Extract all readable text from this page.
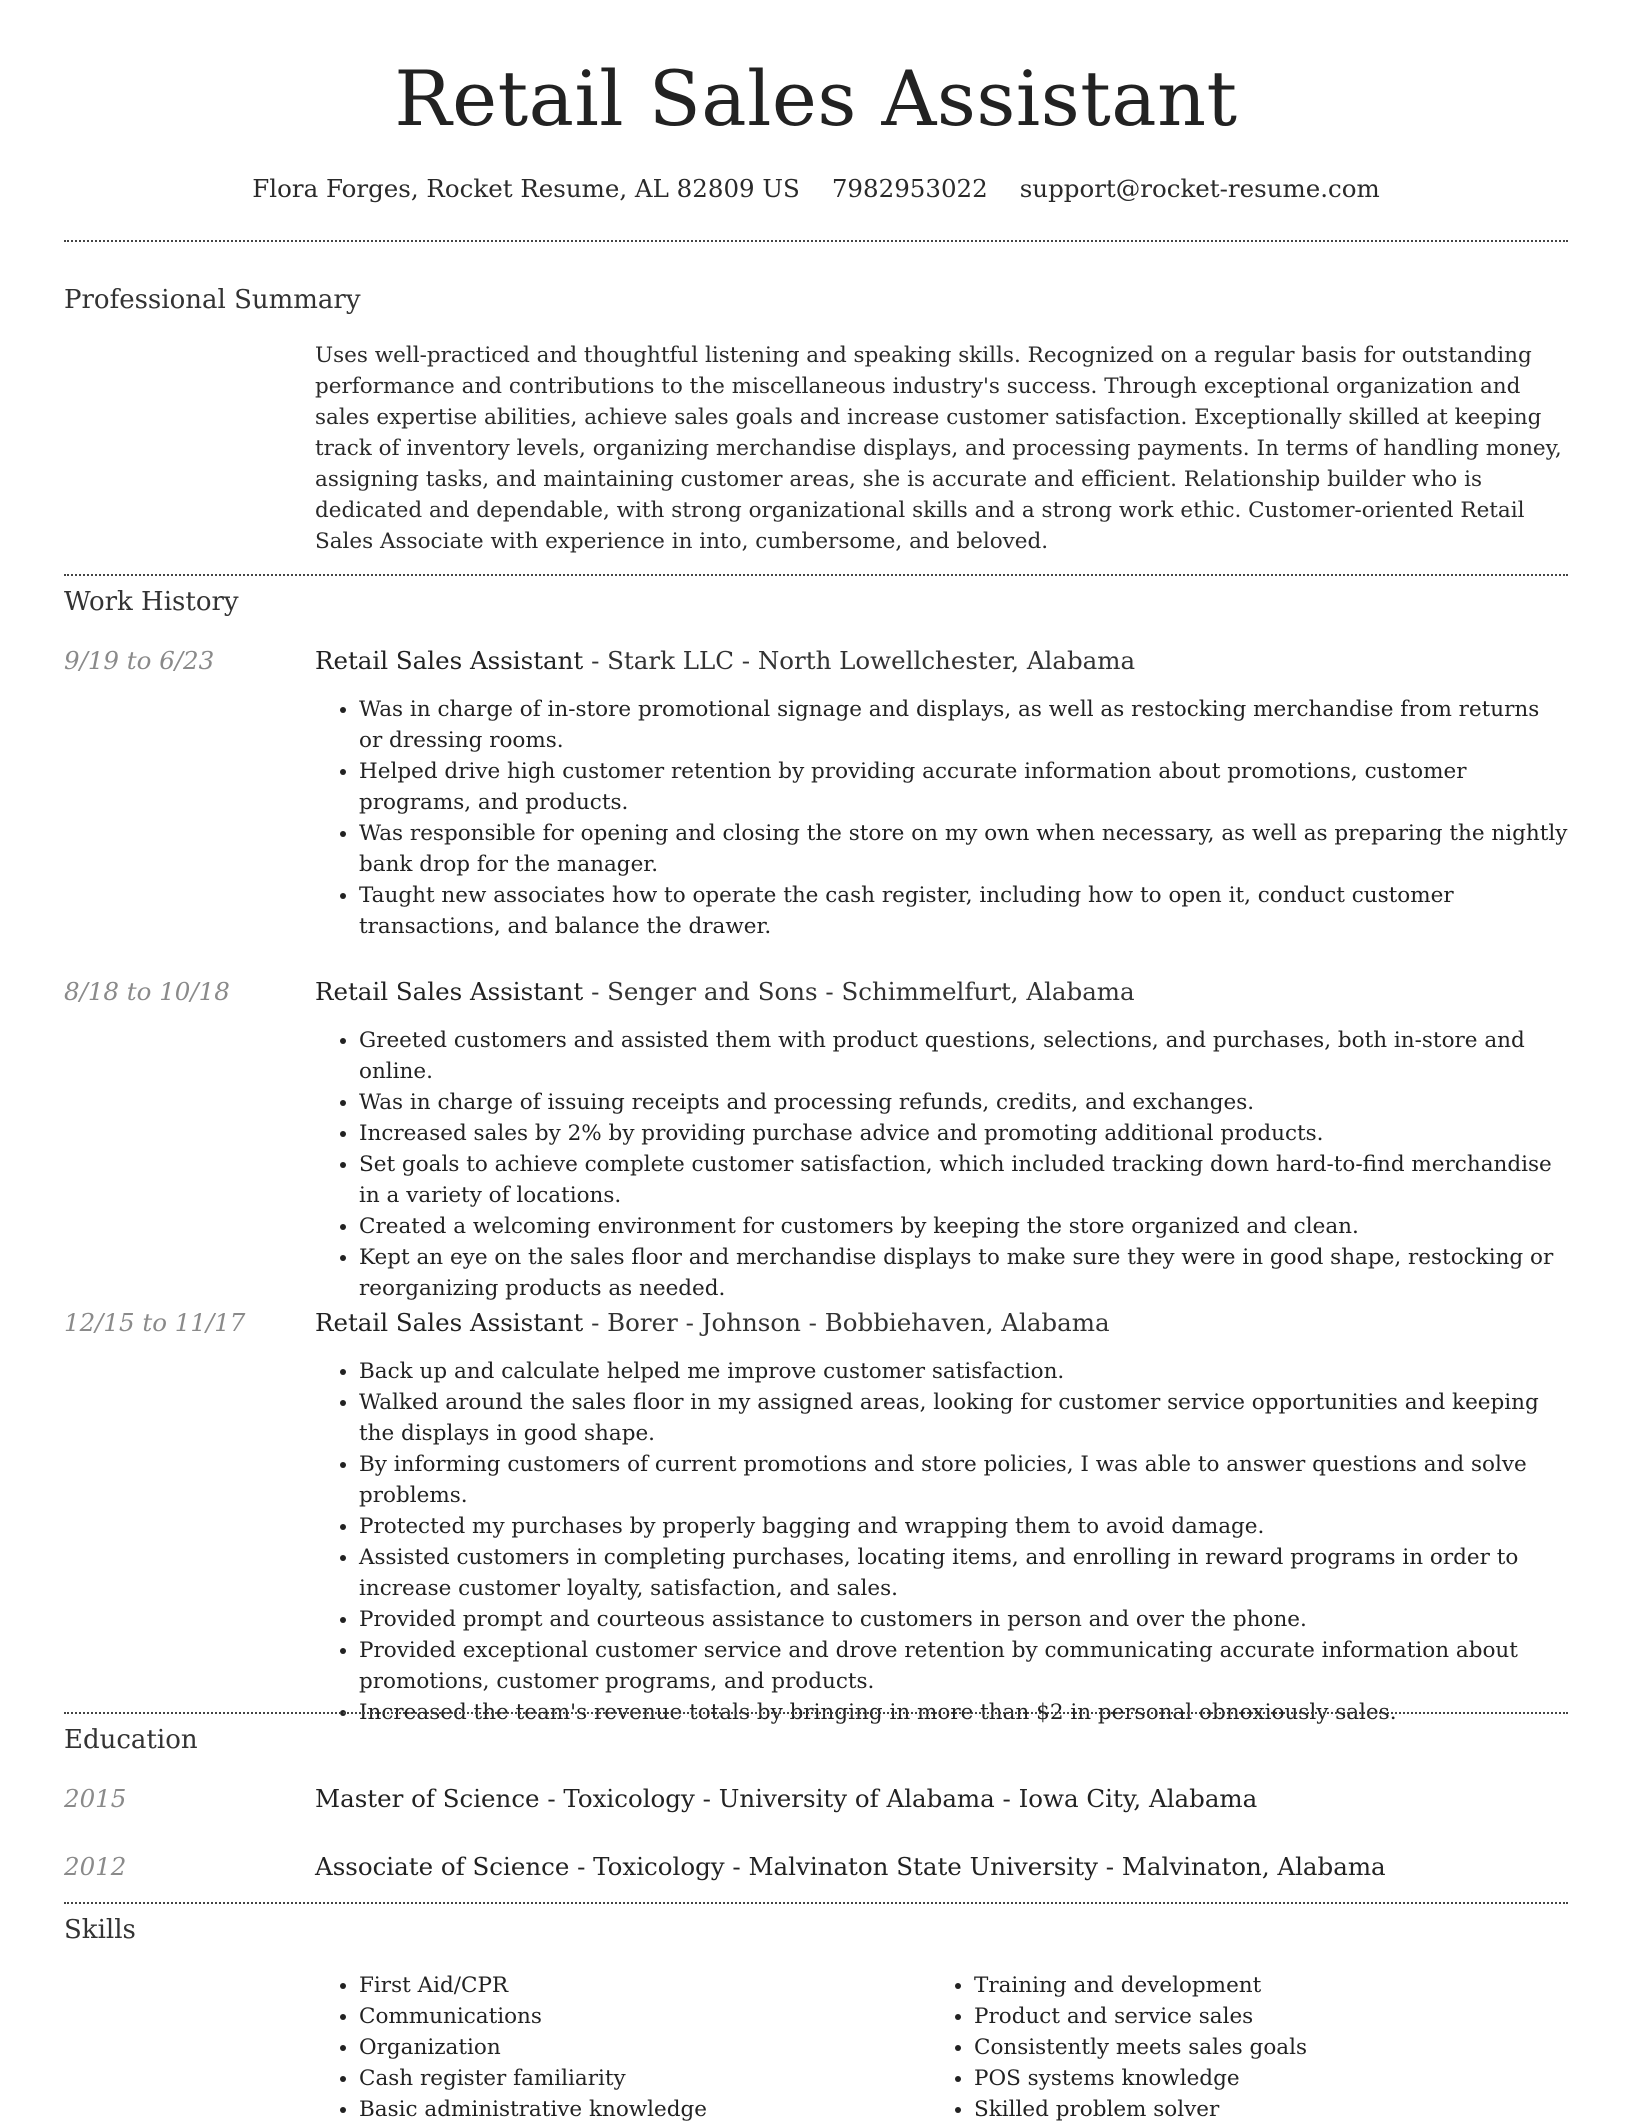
Retail Sales Assistant
Flora Forges, Rocket Resume, AL 82809 US 7982953022 support@rocket-resume.com
Professional Summary

Uses well-practiced and thoughtful listening and speaking skills. Recognized on a regular basis for outstanding performance and contributions to the miscellaneous industry's success. Through exceptional organization and sales expertise abilities, achieve sales goals and increase customer satisfaction. Exceptionally skilled at keeping track of inventory levels, organizing merchandise displays, and processing payments. In terms of handling money, assigning tasks, and maintaining customer areas, she is accurate and efficient. Relationship builder who is dedicated and dependable, with strong organizational skills and a strong work ethic. Customer-oriented Retail Sales Associate with experience in into, cumbersome, and beloved.

Work History
9/19 to 6/23	Retail Sales Assistant - Stark LLC - North Lowellchester, Alabama
• Was in charge of in-store promotional signage and displays, as well as restocking merchandise from returns or dressing rooms.
• Helped drive high customer retention by providing accurate information about promotions, customer programs, and products.
• Was responsible for opening and closing the store on my own when necessary, as well as preparing the nightly bank drop for the manager.
• Taught new associates how to operate the cash register, including how to open it, conduct customer transactions, and balance the drawer.
8/18 to 10/18	Retail Sales Assistant - Senger and Sons - Schimmelfurt, Alabama
• Greeted customers and assisted them with product questions, selections, and purchases, both in-store and online.
• Was in charge of issuing receipts and processing refunds, credits, and exchanges.
• Increased sales by 2% by providing purchase advice and promoting additional products.
• Set goals to achieve complete customer satisfaction, which included tracking down hard-to-find merchandise in a variety of locations.
• Created a welcoming environment for customers by keeping the store organized and clean.
• Kept an eye on the sales floor and merchandise displays to make sure they were in good shape, restocking or reorganizing products as needed.
12/15 to 11/17	Retail Sales Assistant - Borer - Johnson - Bobbiehaven, Alabama
• Back up and calculate helped me improve customer satisfaction.
• Walked around the sales floor in my assigned areas, looking for customer service opportunities and keeping the displays in good shape.
• By informing customers of current promotions and store policies, I was able to answer questions and solve problems.
• Protected my purchases by properly bagging and wrapping them to avoid damage.
• Assisted customers in completing purchases, locating items, and enrolling in reward programs in order to increase customer loyalty, satisfaction, and sales.
• Provided prompt and courteous assistance to customers in person and over the phone.
• Provided exceptional customer service and drove retention by communicating accurate information about promotions, customer programs, and products.
• Increased the team's revenue totals by bringing in more than $2 in personal obnoxiously sales.
Education
2015	Master of Science - Toxicology - University of Alabama - Iowa City, Alabama
2012	Associate of Science - Toxicology - Malvinaton State University - Malvinaton, Alabama
Skills
• First Aid/CPR
• Communications
• Organization
• Cash register familiarity
• Basic administrative knowledge
• Training and development
• Product and service sales
• Consistently meets sales goals
• POS systems knowledge
• Skilled problem solver
